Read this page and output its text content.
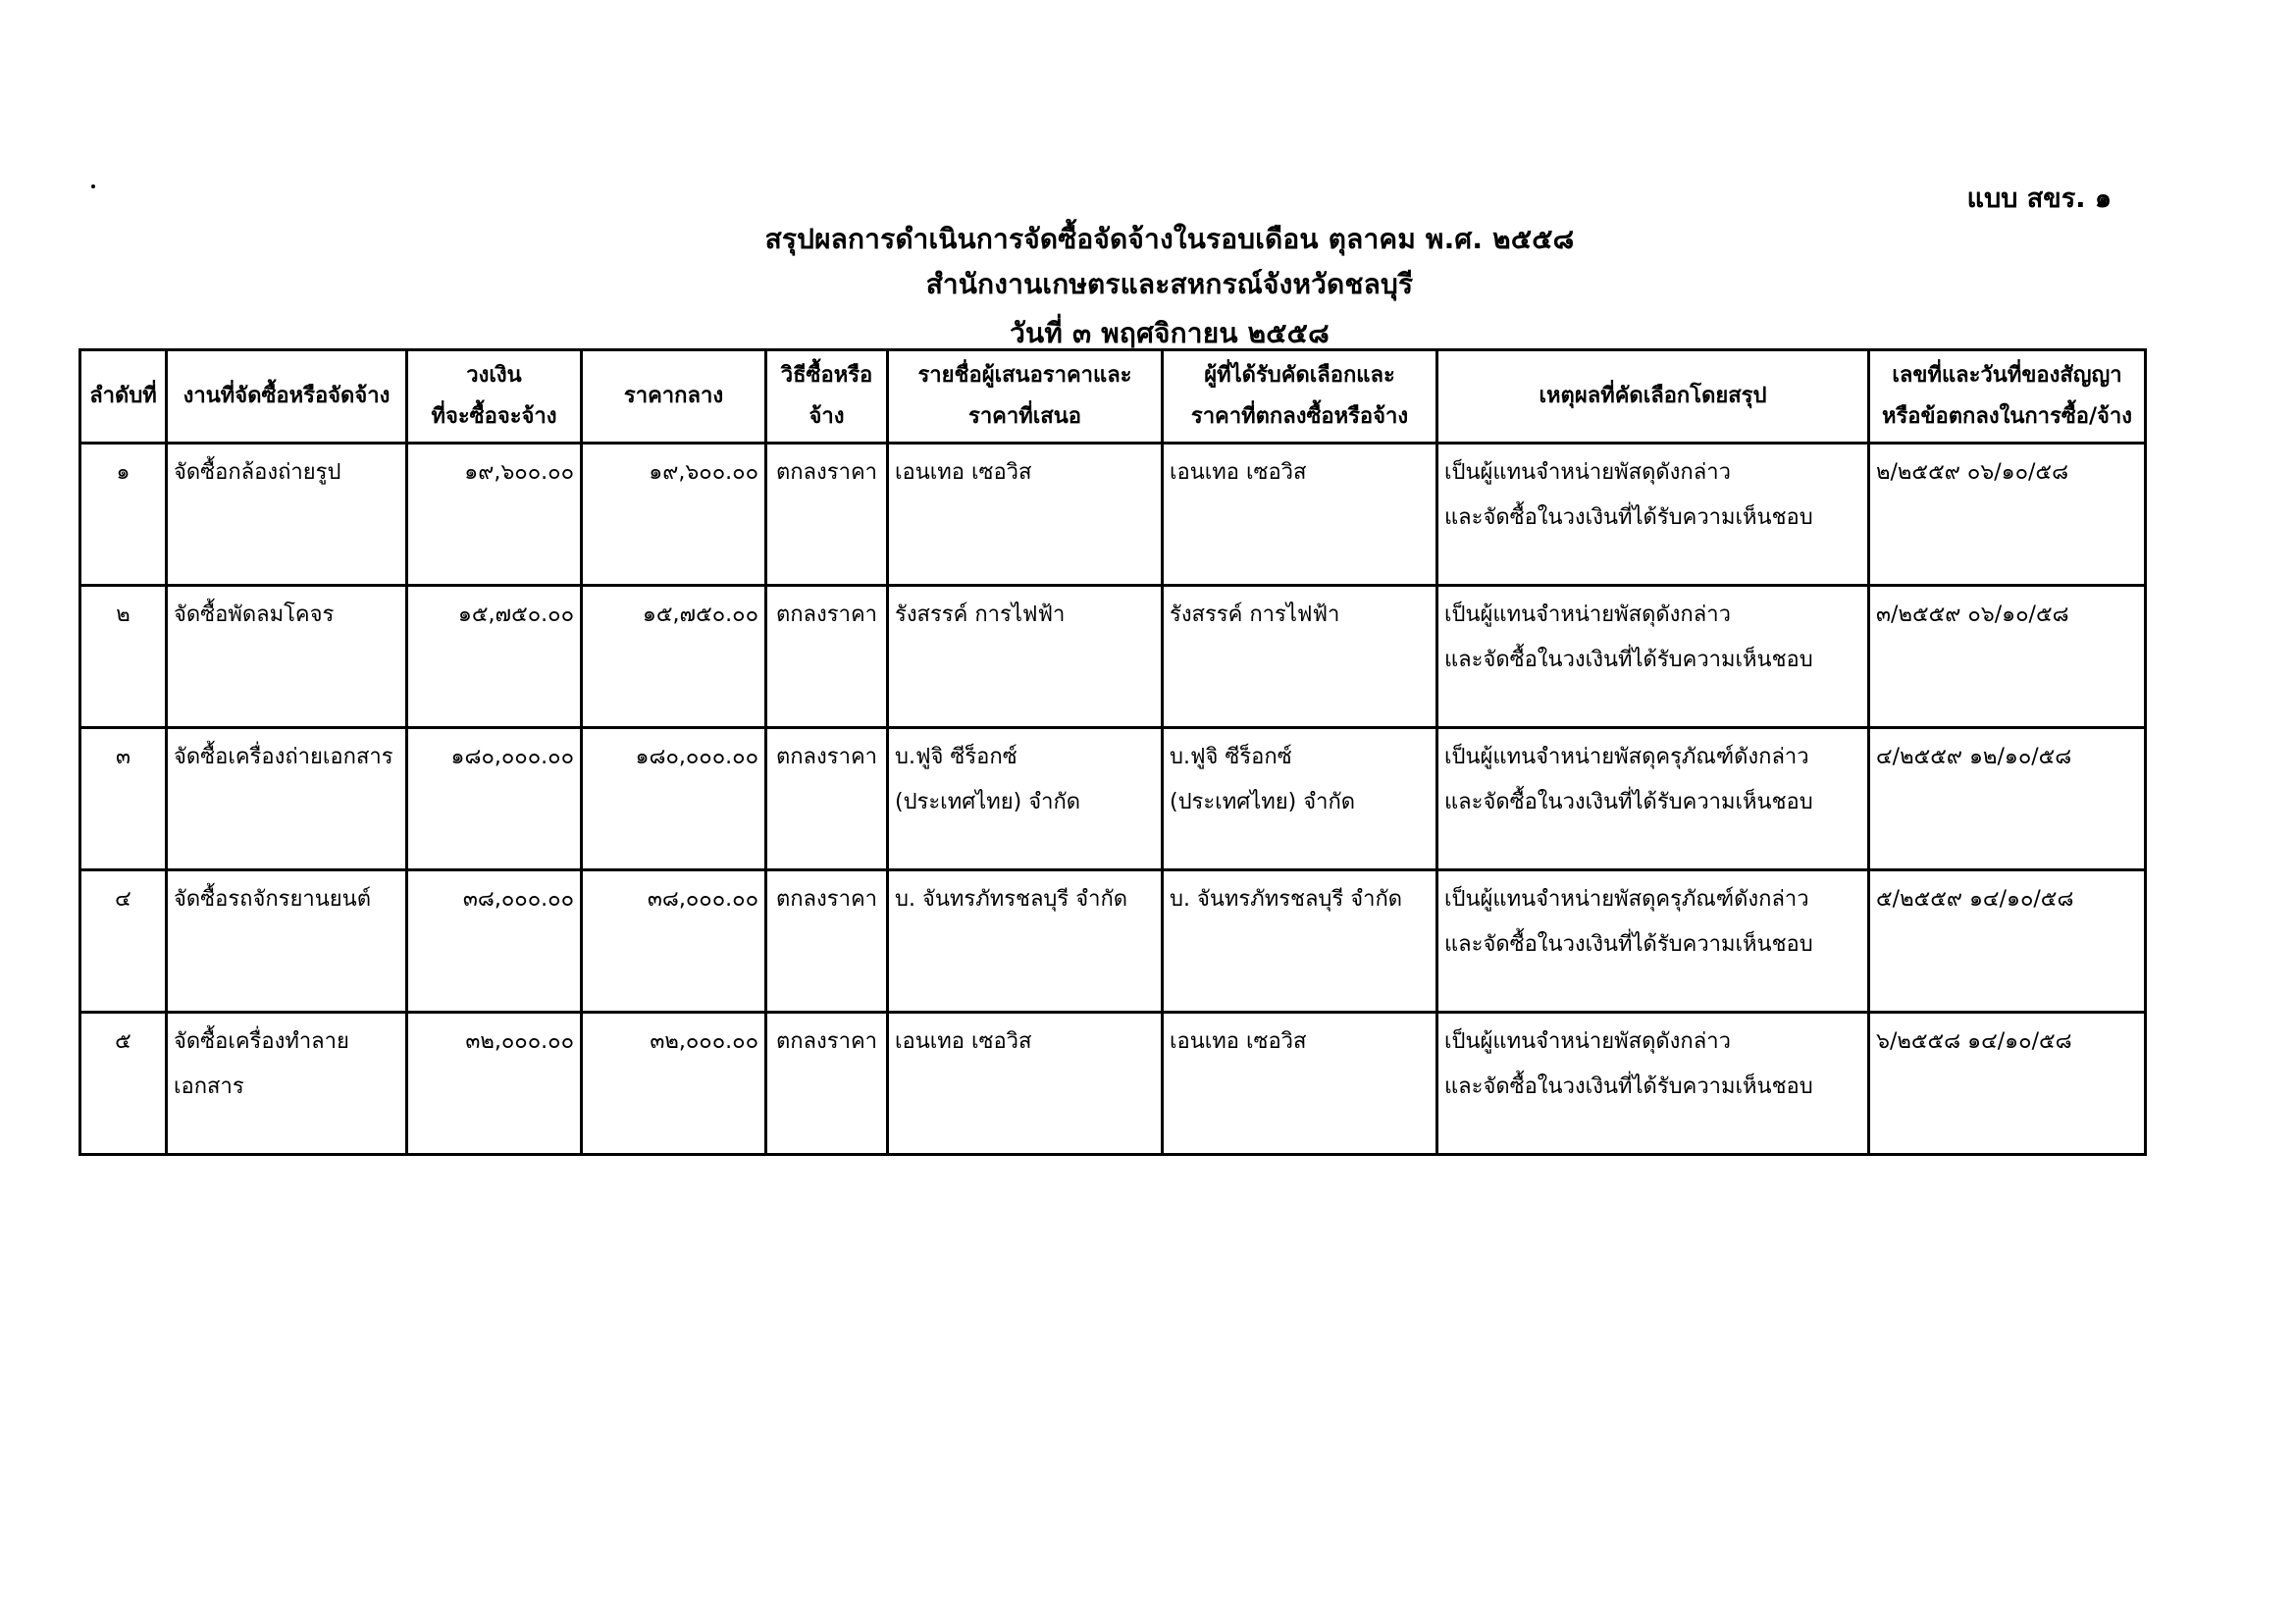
แบบ สขร. ๑
สรุปผลการดำเนินการจัดซื้อจัดจ้างในรอบเดือน ตุลาคม พ.ศ. ๒๕๕๘
สำนักงานเกษตรและสหกรณ์จังหวัดชลบุรี
วันที่ ๓ พฤศจิกายน ๒๕๕๘
ลำดับที่	งานที่จัดซื้อหรือจัดจ้าง	วงเงิน
ที่จะซื้อจะจ้าง	ราคากลาง	วิธีซื้อหรือ
จ้าง	รายชื่อผู้เสนอราคาและ
ราคาที่เสนอ	ผู้ที่ได้รับคัดเลือกและ
ราคาที่ตกลงซื้อหรือจ้าง	เหตุผลที่คัดเลือกโดยสรุป	เลขที่และวันที่ของสัญญา
หรือข้อตกลงในการซื้อ/จ้าง

๑	จัดซื้อกล้องถ่ายรูป	๑๙,๖๐๐.๐๐	๑๙,๖๐๐.๐๐	ตกลงราคา	เอนเทอ เซอวิส	เอนเทอ เซอวิส	เป็นผู้แทนจำหน่ายพัสดุดังกล่าว
และจัดซื้อในวงเงินที่ได้รับความเห็นชอบ	๒/๒๕๕๙ ๐๖/๑๐/๕๘
๒	จัดซื้อพัดลมโคจร	๑๕,๗๕๐.๐๐	๑๕,๗๕๐.๐๐	ตกลงราคา	รังสรรค์ การไฟฟ้า	รังสรรค์ การไฟฟ้า	เป็นผู้แทนจำหน่ายพัสดุดังกล่าว
และจัดซื้อในวงเงินที่ได้รับความเห็นชอบ	๓/๒๕๕๙ ๐๖/๑๐/๕๘
๓	จัดซื้อเครื่องถ่ายเอกสาร	๑๘๐,๐๐๐.๐๐	๑๘๐,๐๐๐.๐๐	ตกลงราคา	บ.ฟูจิ ซีร็อกซ์
(ประเทศไทย) จำกัด	บ.ฟูจิ ซีร็อกซ์
(ประเทศไทย) จำกัด	เป็นผู้แทนจำหน่ายพัสดุครุภัณฑ์ดังกล่าว
และจัดซื้อในวงเงินที่ได้รับความเห็นชอบ	๔/๒๕๕๙ ๑๒/๑๐/๕๘
๔	จัดซื้อรถจักรยานยนต์	๓๘,๐๐๐.๐๐	๓๘,๐๐๐.๐๐	ตกลงราคา	บ. จันทรภัทรชลบุรี จำกัด	บ. จันทรภัทรชลบุรี จำกัด	เป็นผู้แทนจำหน่ายพัสดุครุภัณฑ์ดังกล่าว
และจัดซื้อในวงเงินที่ได้รับความเห็นชอบ	๕/๒๕๕๙ ๑๔/๑๐/๕๘
๕	จัดซื้อเครื่องทำลาย
เอกสาร	๓๒,๐๐๐.๐๐	๓๒,๐๐๐.๐๐	ตกลงราคา	เอนเทอ เซอวิส	เอนเทอ เซอวิส	เป็นผู้แทนจำหน่ายพัสดุดังกล่าว
และจัดซื้อในวงเงินที่ได้รับความเห็นชอบ	๖/๒๕๕๘ ๑๔/๑๐/๕๘
